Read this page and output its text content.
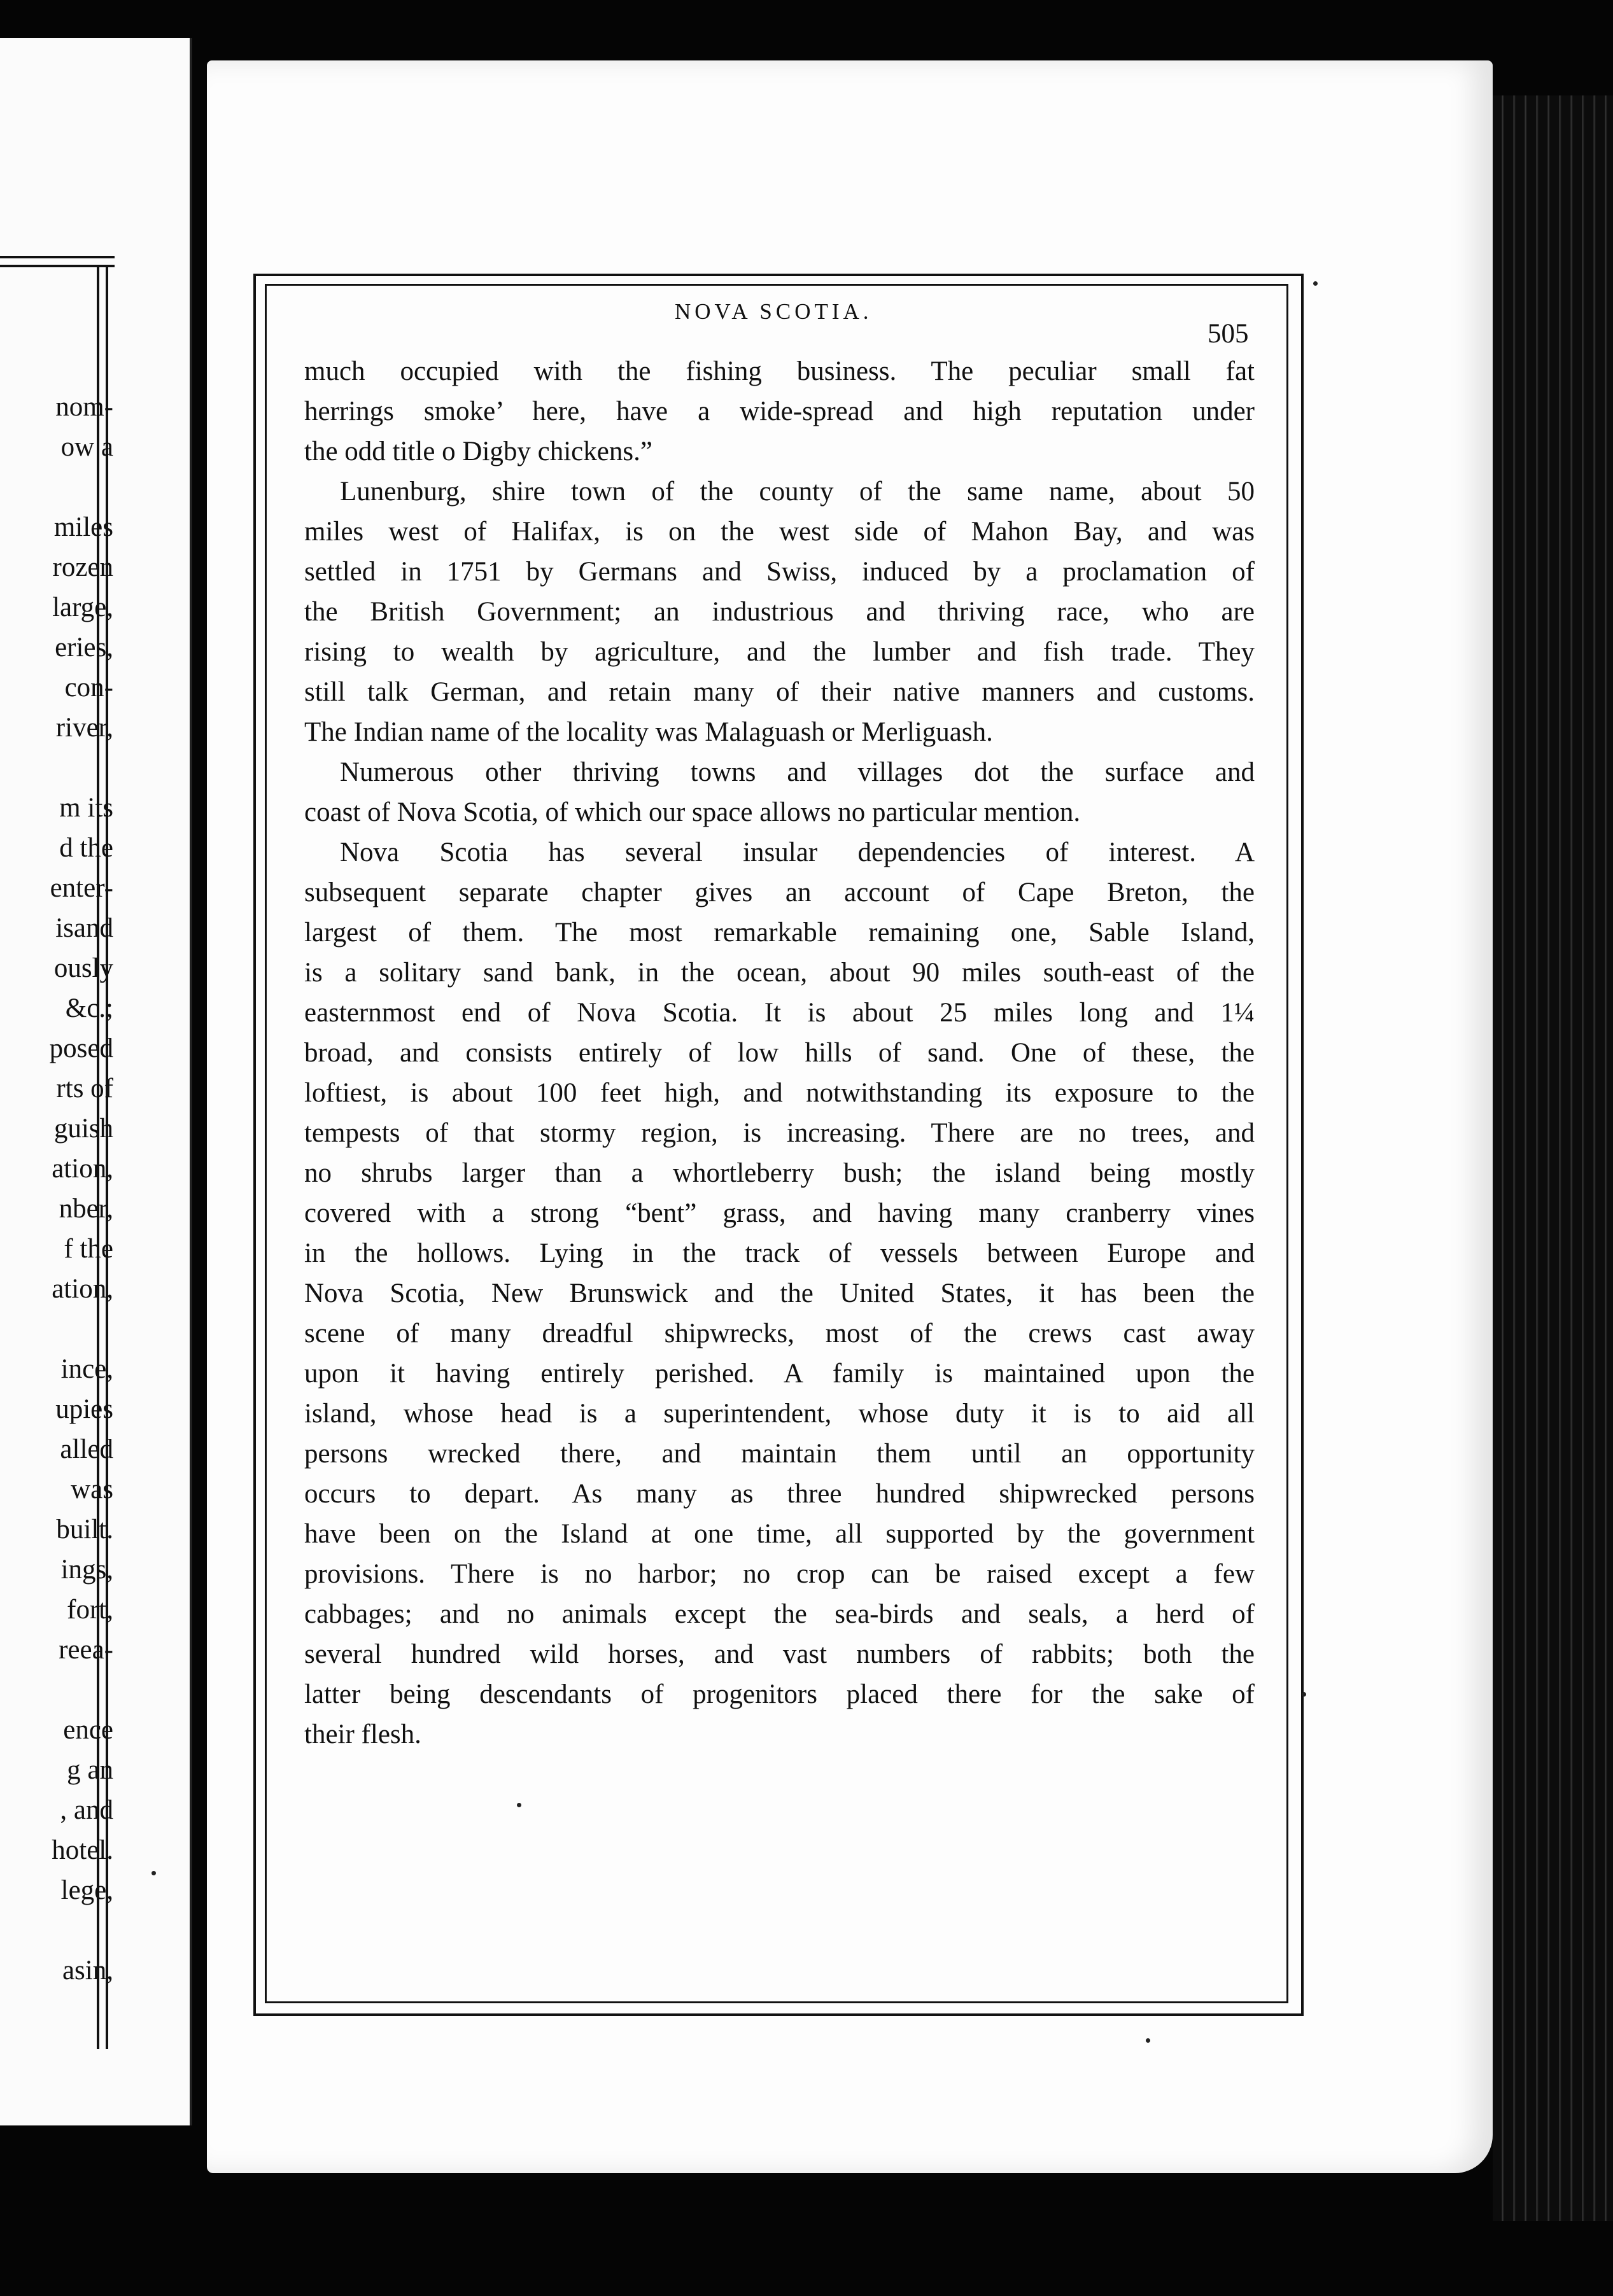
nom-
ow a
miles
rozen
large,
eries,
con-
river,
m its
d the
enter-
isand
ously
&c.;
posed
rts of
guish
ation,
nber,
f the
ation,
ince,
upies
alled
was
built.
ings,
fort,
reea-
ence
g an
, and
hotel.
lege,
asin,
NOVA SCOTIA.
505
much occupied with the fishing business. The peculiar small fat
herrings smoke’ here, have a wide-spread and high reputation under
the odd title o Digby chickens.”
Lunenburg, shire town of the county of the same name, about 50
miles west of Halifax, is on the west side of Mahon Bay, and was
settled in 1751 by Germans and Swiss, induced by a proclamation of
the British Government; an industrious and thriving race, who are
rising to wealth by agriculture, and the lumber and fish trade. They
still talk German, and retain many of their native manners and customs.
The Indian name of the locality was Malaguash or Merliguash.
Numerous other thriving towns and villages dot the surface and
coast of Nova Scotia, of which our space allows no particular mention.
Nova Scotia has several insular dependencies of interest. A
subsequent separate chapter gives an account of Cape Breton, the
largest of them. The most remarkable remaining one, Sable Island,
is a solitary sand bank, in the ocean, about 90 miles south-east of the
easternmost end of Nova Scotia. It is about 25 miles long and 1¼
broad, and consists entirely of low hills of sand. One of these, the
loftiest, is about 100 feet high, and notwithstanding its exposure to the
tempests of that stormy region, is increasing. There are no trees, and
no shrubs larger than a whortleberry bush; the island being mostly
covered with a strong “bent” grass, and having many cranberry vines
in the hollows. Lying in the track of vessels between Europe and
Nova Scotia, New Brunswick and the United States, it has been the
scene of many dreadful shipwrecks, most of the crews cast away
upon it having entirely perished. A family is maintained upon the
island, whose head is a superintendent, whose duty it is to aid all
persons wrecked there, and maintain them until an opportunity
occurs to depart. As many as three hundred shipwrecked persons
have been on the Island at one time, all supported by the government
provisions. There is no harbor; no crop can be raised except a few
cabbages; and no animals except the sea-birds and seals, a herd of
several hundred wild horses, and vast numbers of rabbits; both the
latter being descendants of progenitors placed there for the sake of
their flesh.
